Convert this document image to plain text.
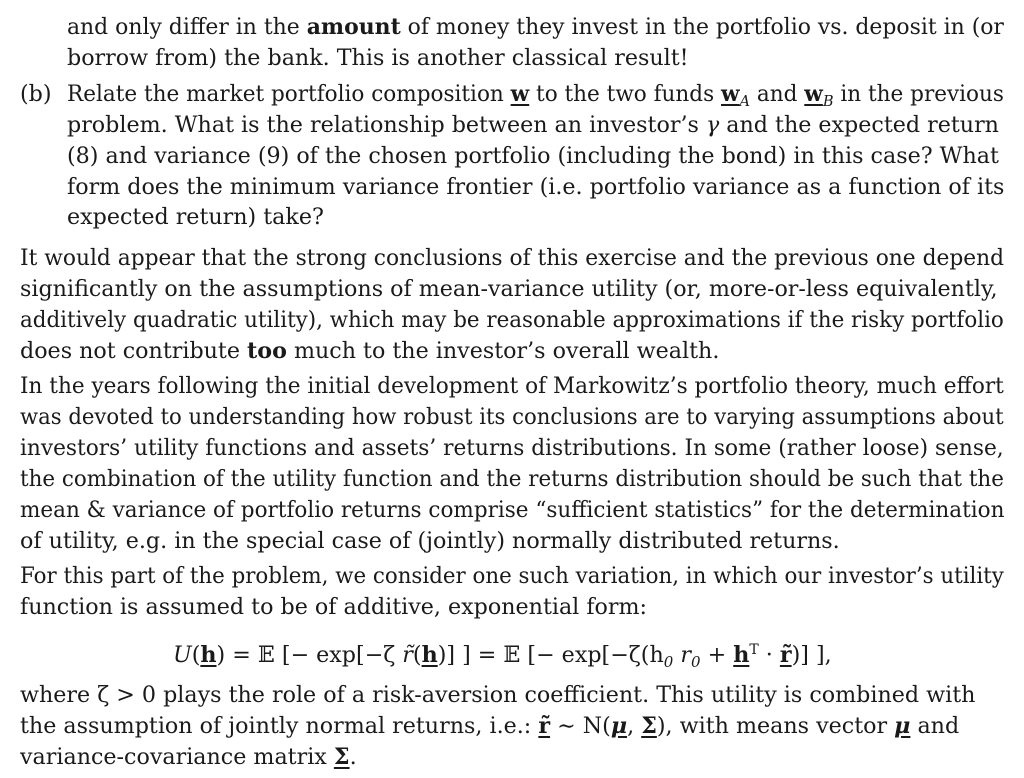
and only differ in the amount of money they invest in the portfolio vs. deposit in (or
borrow from) the bank. This is another classical result!
(b) Relate the market portfolio composition w to the two funds $w_A$ and $w_B$ in the previous
problem. What is the relationship between an investor’s γ and the expected return
(8) and variance (9) of the chosen portfolio (including the bond) in this case? What
form does the minimum variance frontier (i.e. portfolio variance as a function of its
expected return) take?
It would appear that the strong conclusions of this exercise and the previous one depend
significantly on the assumptions of mean-variance utility (or, more-or-less equivalently,
additively quadratic utility), which may be reasonable approximations if the risky portfolio
does not contribute too much to the investor’s overall wealth.
In the years following the initial development of Markowitz’s portfolio theory, much effort
was devoted to understanding how robust its conclusions are to varying assumptions about
investors’ utility functions and assets’ returns distributions. In some (rather loose) sense,
the combination of the utility function and the returns distribution should be such that the
mean & variance of portfolio returns comprise “sufficient statistics” for the determination
of utility, e.g. in the special case of (jointly) normally distributed returns.
For this part of the problem, we consider one such variation, in which our investor’s utility
function is assumed to be of additive, exponential form:
U(h) = 𝔼 [− exp[−ζ r̃(h)] ] = 𝔼 [− $\exp[-\zeta(h_0$ $r_0 + h^T$ · r̃)] ],
where ζ > 0 plays the role of a risk-aversion coefficient. This utility is combined with
the assumption of jointly normal returns, i.e.: r̃ ∼ N(μ, Σ), with means vector μ and
variance-covariance matrix Σ.
